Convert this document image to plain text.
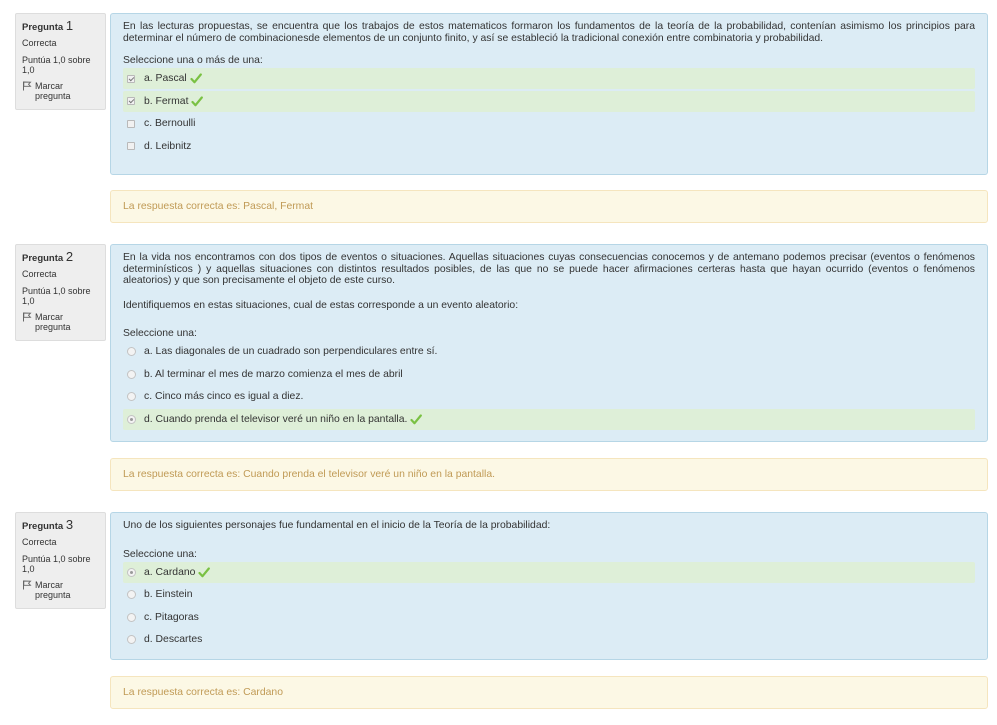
Pregunta 1
Correcta
Puntúa 1,0 sobre 1,0
Marcar pregunta

En las lecturas propuestas, se encuentra que los trabajos de estos matematicos formaron los fundamentos de la teoría de la probabilidad, contenían asimismo los principios para determinar el número de combinacionesde elementos de un conjunto finito, y así se estableció la tradicional conexión entre combinatoria y probabilidad.

Seleccione una o más de una:
a. Pascal
b. Fermat
c. Bernoulli
d. Leibnitz
La respuesta correcta es: Pascal, Fermat
Pregunta 2
Correcta
Puntúa 1,0 sobre 1,0
Marcar pregunta

En la vida nos encontramos con dos tipos de eventos o situaciones. Aquellas situaciones cuyas consecuencias conocemos y de antemano podemos precisar (eventos o fenómenos determinísticos ) y aquellas situaciones con distintos resultados posibles, de las que no se puede hacer afirmaciones certeras hasta que hayan ocurrido (eventos o fenómenos aleatorios) y que son precisamente el objeto de este curso.

Identifiquemos en estas situaciones, cual de estas corresponde a un evento aleatorio:

Seleccione una:
a. Las diagonales de un cuadrado son perpendiculares entre sí.
b. Al terminar el mes de marzo comienza el mes de abril
c. Cinco más cinco es igual a diez.
d. Cuando prenda el televisor veré un niño en la pantalla.
La respuesta correcta es: Cuando prenda el televisor veré un niño en la pantalla.
Pregunta 3
Correcta
Puntúa 1,0 sobre 1,0
Marcar pregunta

Uno de los siguientes personajes fue fundamental en el inicio de la Teoría de la probabilidad:

Seleccione una:
a. Cardano
b. Einstein
c. Pitagoras
d. Descartes
La respuesta correcta es: Cardano
